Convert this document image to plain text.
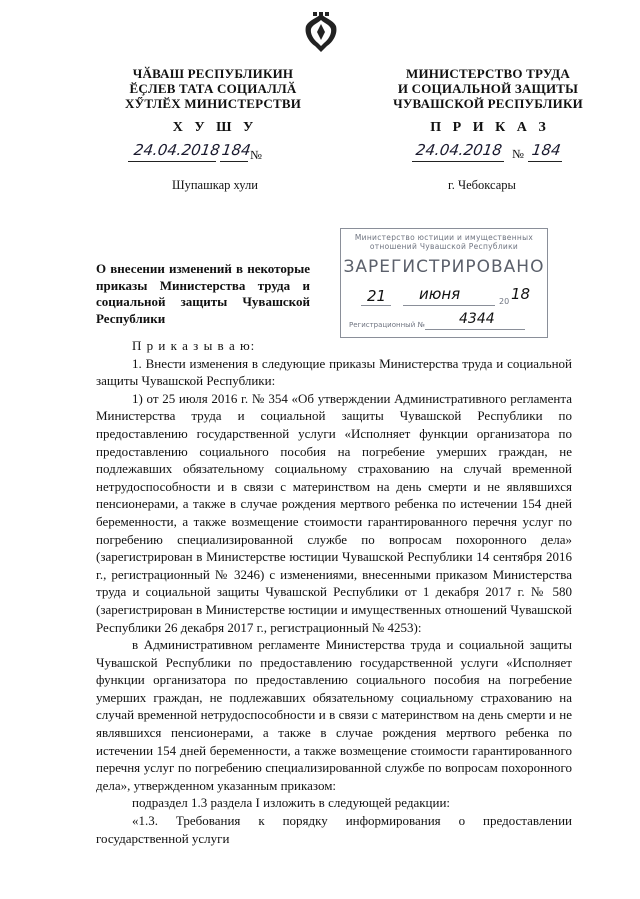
ЧӐВАШ РЕСПУБЛИКИН
ӖҪЛЕВ ТАТА СОЦИАЛЛӐ
ХӲТЛӖХ МИНИСТЕРСТВИ
Х У Ш У
24.04.2018 184
№
Шупашкар хули
МИНИСТЕРСТВО ТРУДА
И СОЦИАЛЬНОЙ ЗАЩИТЫ
ЧУВАШСКОЙ РЕСПУБЛИКИ
П Р И К А З
24.04.2018 № 184
г. Чебоксары
Министерство юстиции и имущественных
отношений Чувашской Республики
ЗАРЕГИСТРИРОВАНО
21 июня	20 18
Регистрационный № 4344
О внесении изменений в некоторые приказы Министерства труда и социальной защиты Чувашской Республики

П р и к а з ы в а ю:

1. Внести изменения в следующие приказы Министерства труда и социальной защиты Чувашской Республики:

1) от 25 июля 2016 г. № 354 «Об утверждении Административного регламента Министерства труда и социальной защиты Чувашской Республики по предоставлению государственной услуги «Исполняет функции организатора по предоставлению социального пособия на погребение умерших граждан, не подлежавших обязательному социальному страхованию на случай временной нетрудоспособности и в связи с материнством на день смерти и не являвшихся пенсионерами, а также в случае рождения мертвого ребенка по истечении 154 дней беременности, а также возмещение стоимости гарантированного перечня услуг по погребению специализированной службе по вопросам похоронного дела» (зарегистрирован в Министерстве юстиции Чувашской Республики 14 сентября 2016 г., регистрационный № 3246) с изменениями, внесенными приказом Министерства труда и социальной защиты Чувашской Республики от 1 декабря 2017 г. № 580 (зарегистрирован в Министерстве юстиции и имущественных отношений Чувашской Республики 26 декабря 2017 г., регистрационный № 4253):

в Административном регламенте Министерства труда и социальной защиты Чувашской Республики по предоставлению государственной услуги «Исполняет функции организатора по предоставлению социального пособия на погребение умерших граждан, не подлежавших обязательному социальному страхованию на случай временной нетрудоспособности и в связи с материнством на день смерти и не являвшихся пенсионерами, а также в случае рождения мертвого ребенка по истечении 154 дней беременности, а также возмещение стоимости гарантированного перечня услуг по погребению специализированной службе по вопросам похоронного дела», утвержденном указанным приказом:

подраздел 1.3 раздела I изложить в следующей редакции:

«1.3. Требования к порядку информирования о предоставлении государственной услуги
